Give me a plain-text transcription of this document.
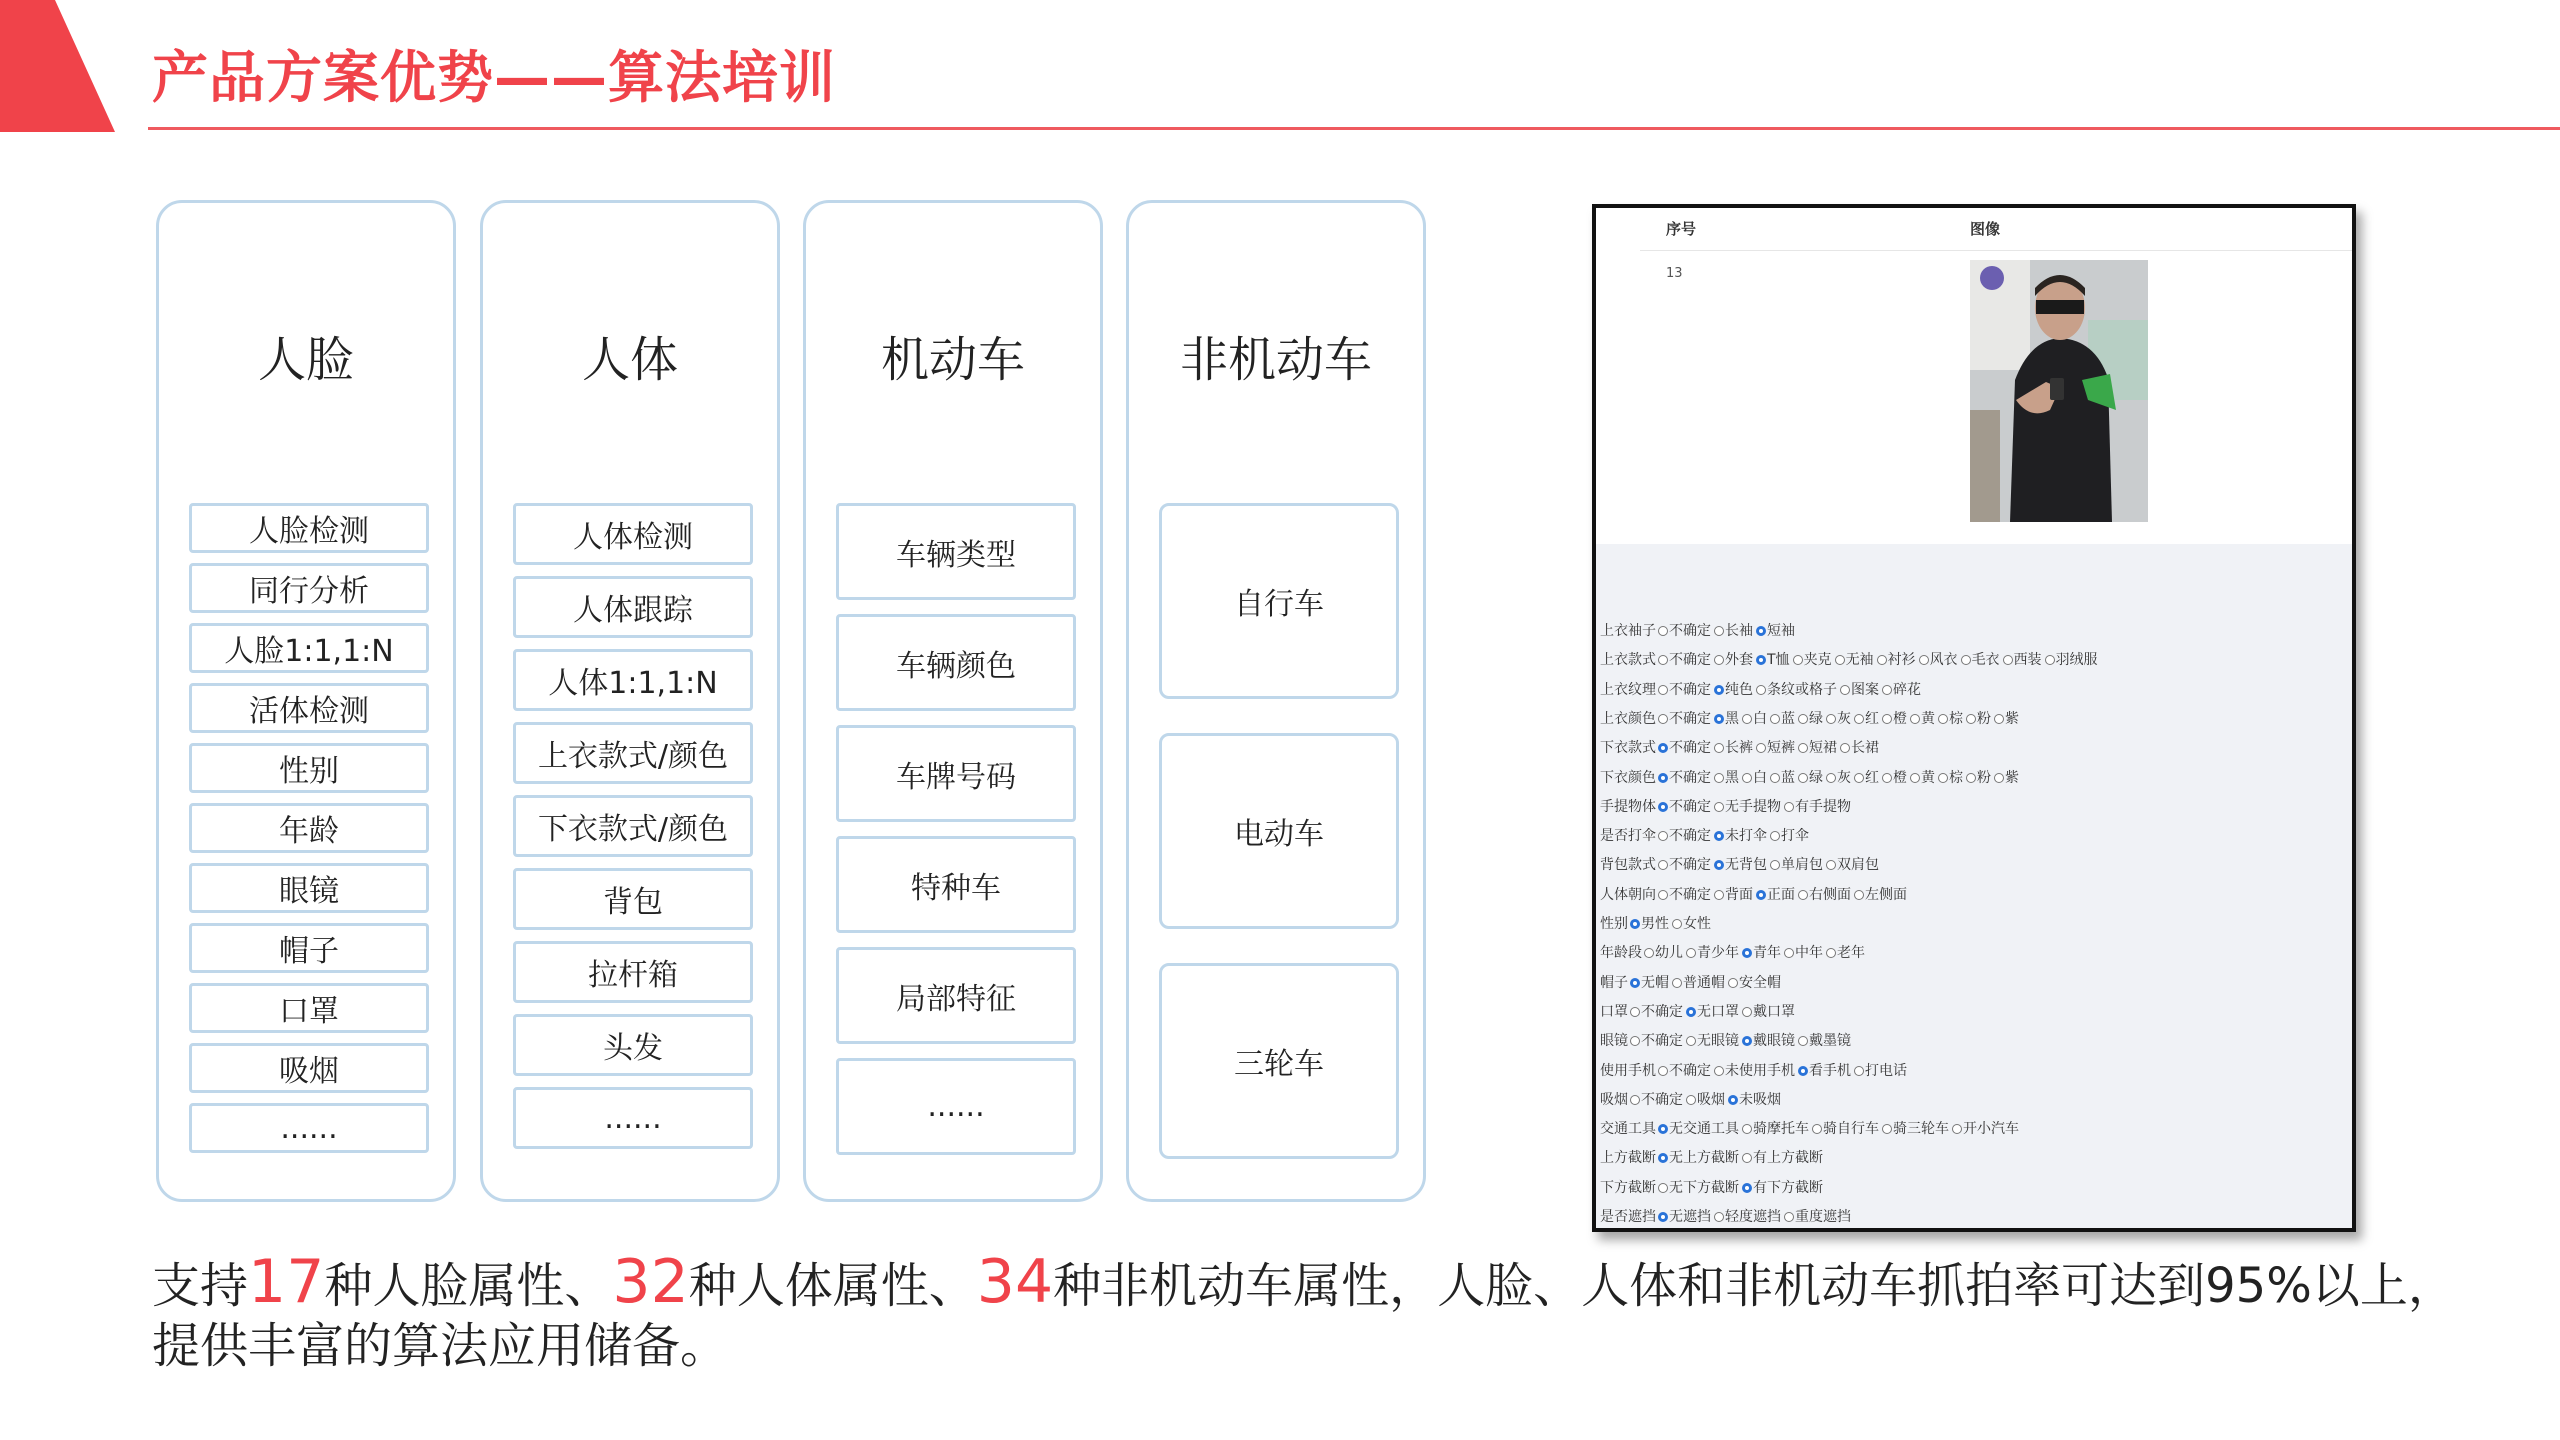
产品方案优势——算法培训
人脸
人脸检测
同行分析
人脸1:1,1:N
活体检测
性别
年龄
眼镜
帽子
口罩
吸烟
......
人体
人体检测
人体跟踪
人体1:1,1:N
上衣款式/颜色
下衣款式/颜色
背包
拉杆箱
头发
......
机动车
车辆类型
车辆颜色
车牌号码
特种车
局部特征
......
非机动车
自行车
电动车
三轮车
序号	图像
13
上衣袖子 不确定 长袖 短袖
上衣款式 不确定 外套 T恤 夹克 无袖 衬衫 风衣 毛衣 西装 羽绒服
上衣纹理 不确定 纯色 条纹或格子 图案 碎花
上衣颜色 不确定 黑 白 蓝 绿 灰 红 橙 黄 棕 粉 紫
下衣款式 不确定 长裤 短裤 短裙 长裙
下衣颜色 不确定 黑 白 蓝 绿 灰 红 橙 黄 棕 粉 紫
手提物体 不确定 无手提物 有手提物
是否打伞 不确定 未打伞 打伞
背包款式 不确定 无背包 单肩包 双肩包
人体朝向 不确定 背面 正面 右侧面 左侧面
性别 男性 女性
年龄段 幼儿 青少年 青年 中年 老年
帽子 无帽 普通帽 安全帽
口罩 不确定 无口罩 戴口罩
眼镜 不确定 无眼镜 戴眼镜 戴墨镜
使用手机 不确定 未使用手机 看手机 打电话
吸烟 不确定 吸烟 未吸烟
交通工具 无交通工具 骑摩托车 骑自行车 骑三轮车 开小汽车
上方截断 无上方截断 有上方截断
下方截断 无下方截断 有下方截断
是否遮挡 无遮挡 轻度遮挡 重度遮挡
支持17种人脸属性、32种人体属性、34种非机动车属性，人脸、人体和非机动车抓拍率可达到95%以上，
提供丰富的算法应用储备。
